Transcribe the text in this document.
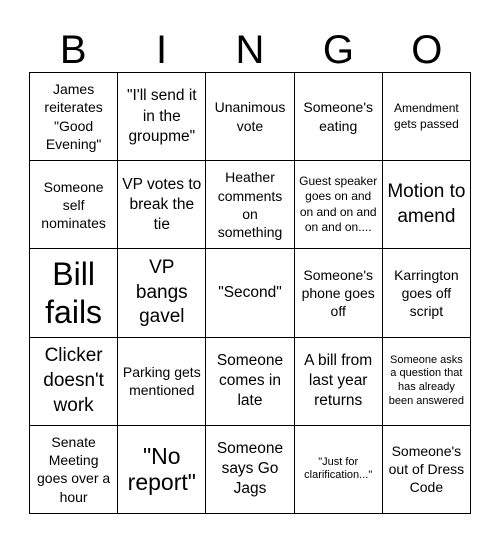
B	I	N	G	O
James reiterates "Good Evening"
"I'll send it in the groupme"
Unanimous vote
Someone's eating
Amendment gets passed
Someone self nominates
VP votes to break the tie
Heather comments on something
Guest speaker goes on and on and on and on and on....
Motion to amend
Bill fails
VP bangs gavel
"Second"
Someone's phone goes off
Karrington goes off script
Clicker doesn't work
Parking gets mentioned
Someone comes in late
A bill from last year returns
Someone asks a question that has already been answered
Senate Meeting goes over a hour
"No report"
Someone says Go Jags
"Just for clarification..."
Someone's out of Dress Code
